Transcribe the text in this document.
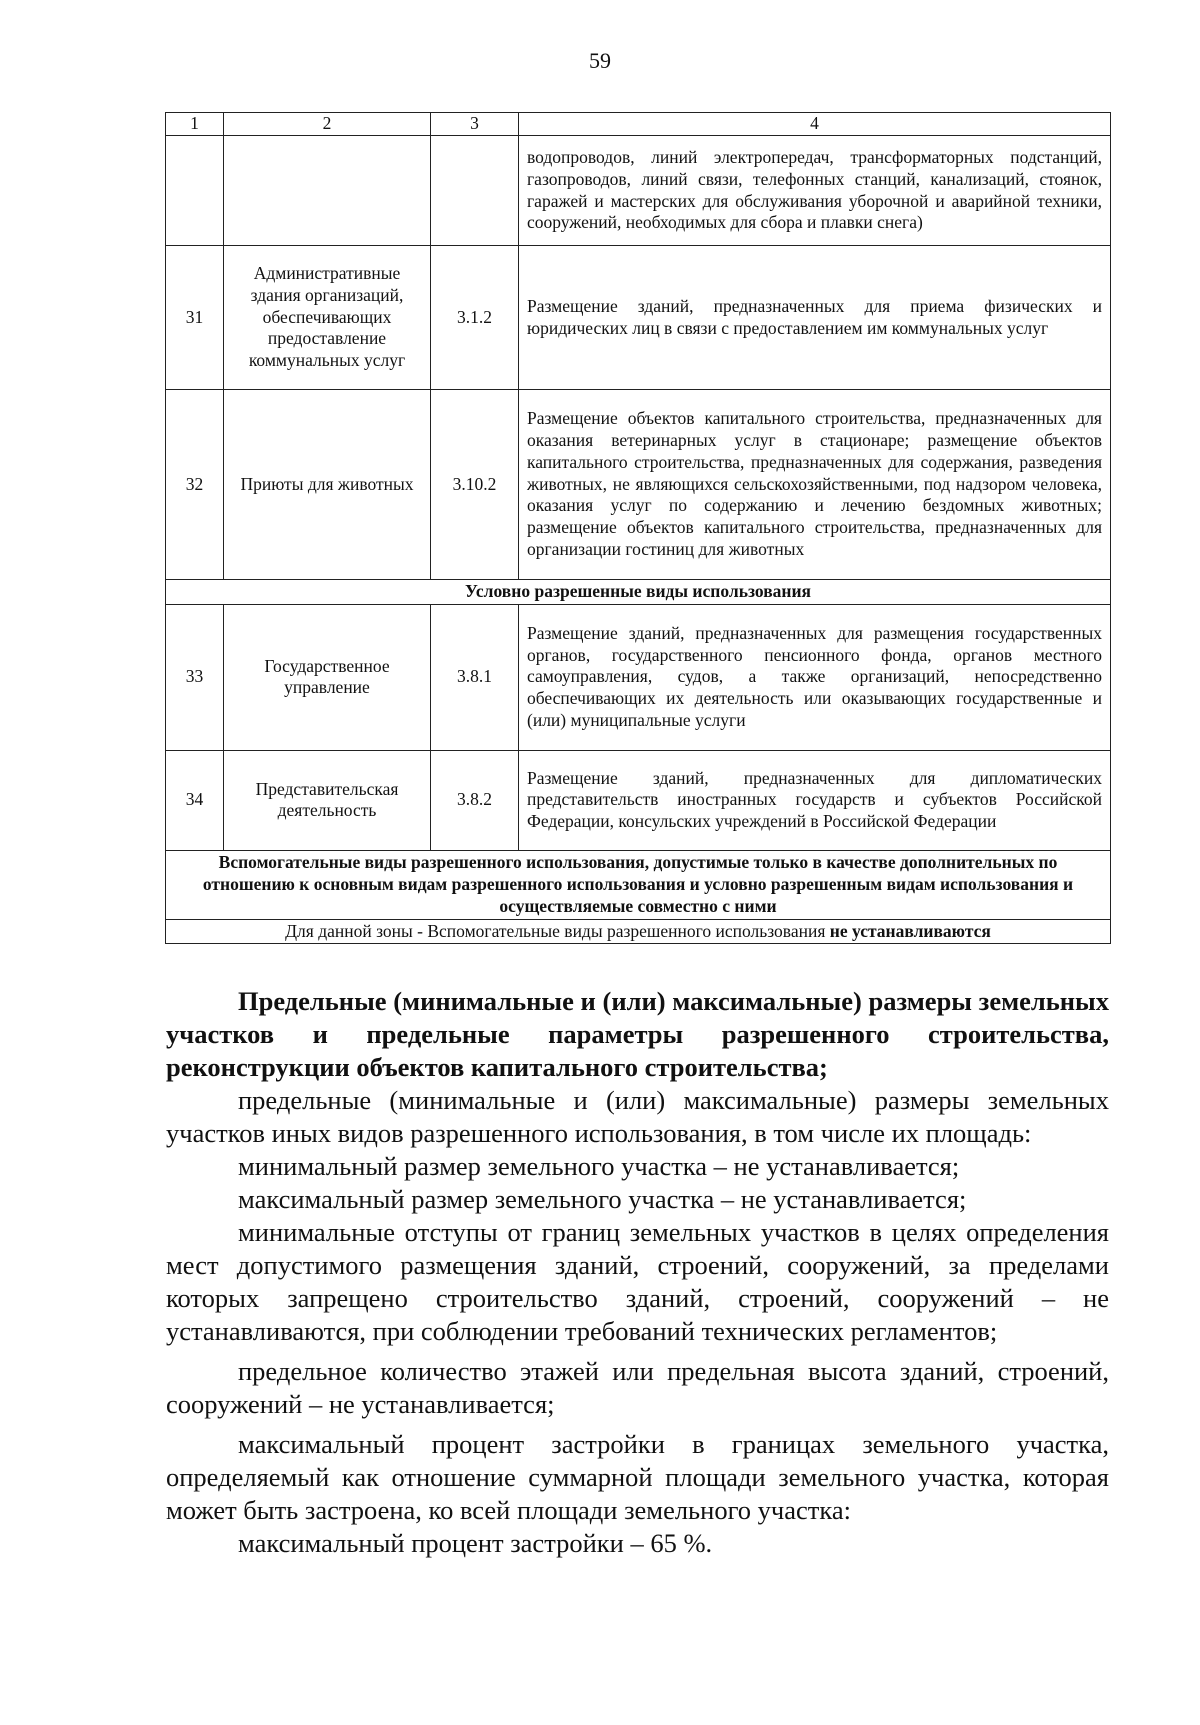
59
1	2	3	4
			водопроводов, линий электропередач, трансформаторных подстанций, газопроводов, линий связи, телефонных станций, канализаций, стоянок, гаражей и мастерских для обслуживания уборочной и аварийной техники, сооружений, необходимых для сбора и плавки снега)
31	Административные здания организаций, обеспечивающих предоставление коммунальных услуг	3.1.2	Размещение зданий, предназначенных для приема физических и юридических лиц в связи с предоставлением им коммунальных услуг
32	Приюты для животных	3.10.2	Размещение объектов капитального строительства, предназначенных для оказания ветеринарных услуг в стационаре; размещение объектов капитального строительства, предназначенных для содержания, разведения животных, не являющихся сельскохозяйственными, под надзором человека, оказания услуг по содержанию и лечению бездомных животных; размещение объектов капитального строительства, предназначенных для организации гостиниц для животных
Условно разрешенные виды использования			
33	Государственное управление	3.8.1	Размещение зданий, предназначенных для размещения государственных органов, государственного пенсионного фонда, органов местного самоуправления, судов, а также организаций, непосредственно обеспечивающих их деятельность или оказывающих государственные и (или) муниципальные услуги
34	Представительская деятельность	3.8.2	Размещение зданий, предназначенных для дипломатических представительств иностранных государств и субъектов Российской Федерации, консульских учреждений в Российской Федерации
Вспомогательные виды разрешенного использования, допустимые только в качестве дополнительных по отношению к основным видам разрешенного использования и условно разрешенным видам использования и осуществляемые совместно с ними			
Для данной зоны - Вспомогательные виды разрешенного использования не устанавливаются			

Предельные (минимальные и (или) максимальные) размеры земельных участков и предельные параметры разрешенного строительства, реконструкции объектов капитального строительства;

предельные (минимальные и (или) максимальные) размеры земельных участков иных видов разрешенного использования, в том числе их площадь:

минимальный размер земельного участка – не устанавливается;

максимальный размер земельного участка – не устанавливается;

минимальные отступы от границ земельных участков в целях определения мест допустимого размещения зданий, строений, сооружений, за пределами которых запрещено строительство зданий, строений, сооружений – не устанавливаются, при соблюдении требований технических регламентов;

предельное количество этажей или предельная высота зданий, строений, сооружений – не устанавливается;

максимальный процент застройки в границах земельного участка, определяемый как отношение суммарной площади земельного участка, которая может быть застроена, ко всей площади земельного участка:

максимальный процент застройки – 65 %.
